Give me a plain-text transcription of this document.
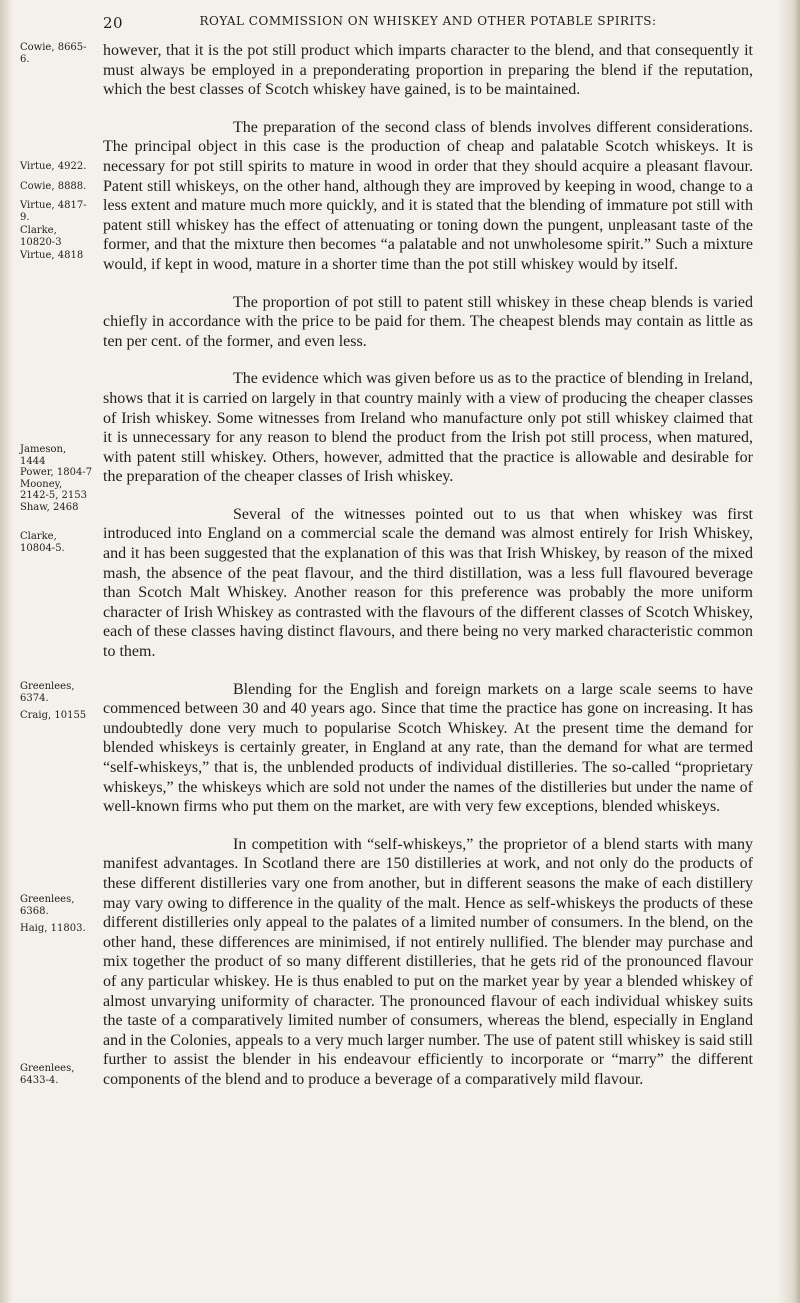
20	ROYAL COMMISSION ON WHISKEY AND OTHER POTABLE SPIRITS:
Cowie, 8665-6.
Virtue, 4922.
Cowie, 8888.
Virtue, 4817-9.
Clarke, 10820-3
Virtue, 4818
Jameson, 1444
Power, 1804-7
Mooney, 2142-5, 2153
Shaw, 2468
Clarke, 10804-5.
Greenlees, 6374.
Craig, 10155
Greenlees, 6368.
Haig, 11803.
Greenlees, 6433-4.

however, that it is the pot still product which imparts character to the blend, and that consequently it must always be employed in a preponderating proportion in preparing the blend if the reputation, which the best classes of Scotch whiskey have gained, is to be maintained.

The preparation of the second class of blends involves different considerations. The principal object in this case is the production of cheap and palatable Scotch whiskeys. It is necessary for pot still spirits to mature in wood in order that they should acquire a pleasant flavour. Patent still whiskeys, on the other hand, although they are improved by keeping in wood, change to a less extent and mature much more quickly, and it is stated that the blending of immature pot still with patent still whiskey has the effect of attenuating or toning down the pungent, unpleasant taste of the former, and that the mixture then becomes “a palatable and not unwholesome spirit.” Such a mixture would, if kept in wood, mature in a shorter time than the pot still whiskey would by itself.

The proportion of pot still to patent still whiskey in these cheap blends is varied chiefly in accordance with the price to be paid for them. The cheapest blends may contain as little as ten per cent. of the former, and even less.

The evidence which was given before us as to the practice of blending in Ireland, shows that it is carried on largely in that country mainly with a view of producing the cheaper classes of Irish whiskey. Some witnesses from Ireland who manufacture only pot still whiskey claimed that it is unnecessary for any reason to blend the product from the Irish pot still process, when matured, with patent still whiskey. Others, however, admitted that the practice is allowable and desirable for the preparation of the cheaper classes of Irish whiskey.

Several of the witnesses pointed out to us that when whiskey was first introduced into England on a commercial scale the demand was almost entirely for Irish Whiskey, and it has been suggested that the explanation of this was that Irish Whiskey, by reason of the mixed mash, the absence of the peat flavour, and the third distillation, was a less full flavoured beverage than Scotch Malt Whiskey. Another reason for this preference was probably the more uniform character of Irish Whiskey as contrasted with the flavours of the different classes of Scotch Whiskey, each of these classes having distinct flavours, and there being no very marked characteristic common to them.

Blending for the English and foreign markets on a large scale seems to have commenced between 30 and 40 years ago. Since that time the practice has gone on increasing. It has undoubtedly done very much to popularise Scotch Whiskey. At the present time the demand for blended whiskeys is certainly greater, in England at any rate, than the demand for what are termed “self-whiskeys,” that is, the unblended products of individual distilleries. The so-called “proprietary whiskeys,” the whiskeys which are sold not under the names of the distilleries but under the name of well-known firms who put them on the market, are with very few exceptions, blended whiskeys.

In competition with “self-whiskeys,” the proprietor of a blend starts with many manifest advantages. In Scotland there are 150 distilleries at work, and not only do the products of these different distilleries vary one from another, but in different seasons the make of each distillery may vary owing to difference in the quality of the malt. Hence as self-whiskeys the products of these different distilleries only appeal to the palates of a limited number of consumers. In the blend, on the other hand, these differences are minimised, if not entirely nullified. The blender may purchase and mix together the product of so many different distilleries, that he gets rid of the pronounced flavour of any particular whiskey. He is thus enabled to put on the market year by year a blended whiskey of almost unvarying uniformity of character. The pronounced flavour of each individual whiskey suits the taste of a comparatively limited number of consumers, whereas the blend, especially in England and in the Colonies, appeals to a very much larger number. The use of patent still whiskey is said still further to assist the blender in his endeavour efficiently to incorporate or “marry” the different components of the blend and to produce a beverage of a comparatively mild flavour.
